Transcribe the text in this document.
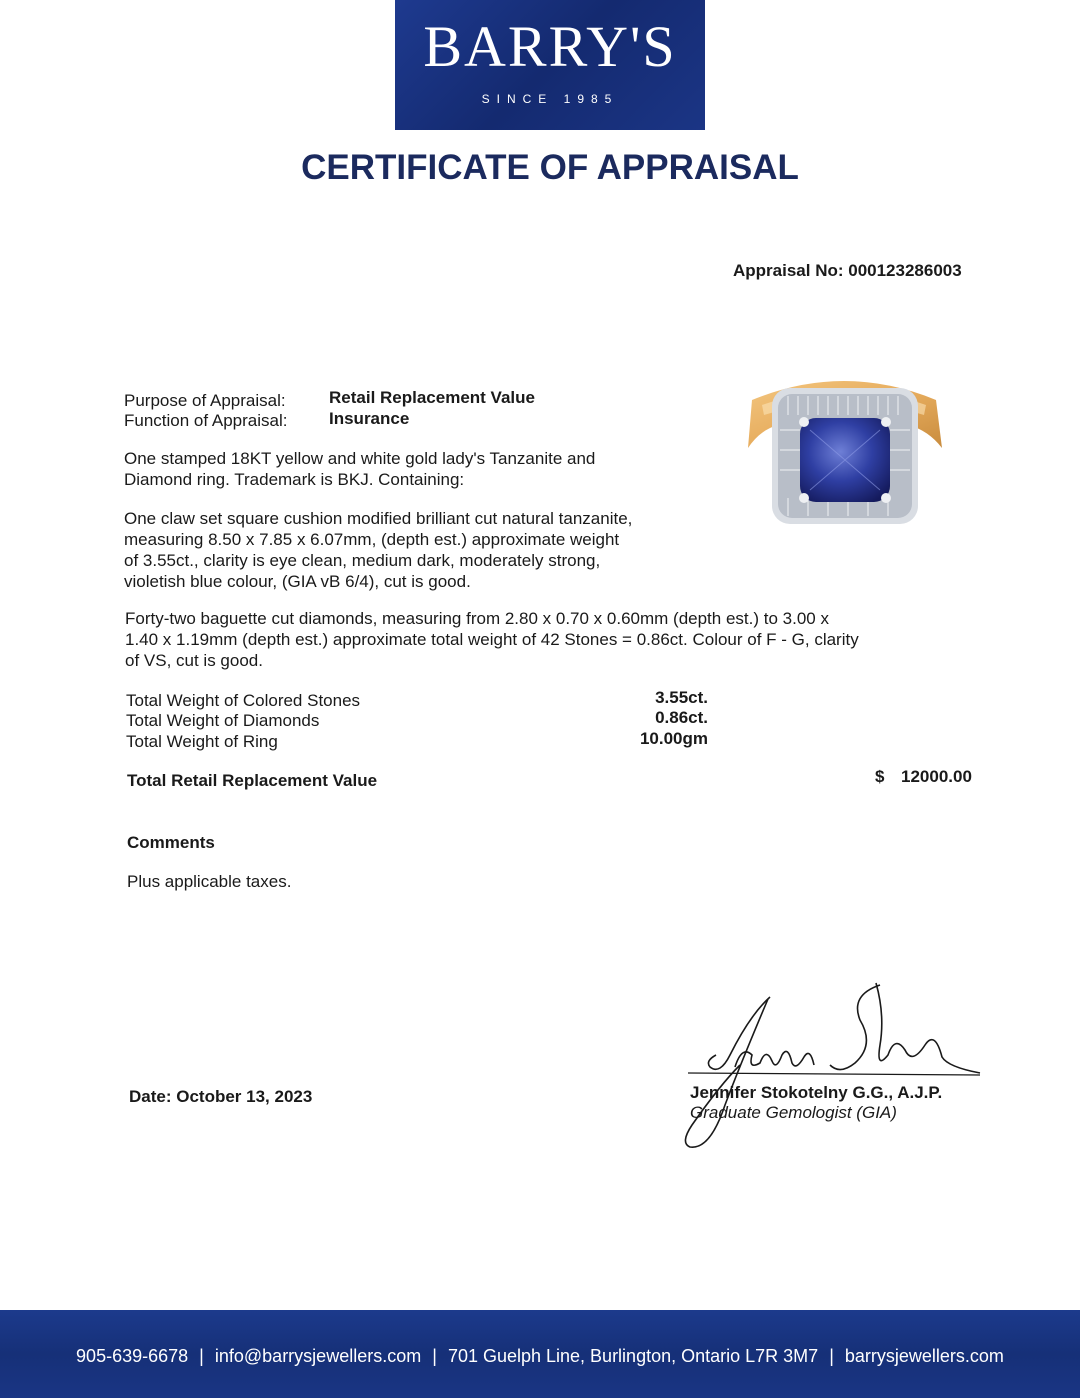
BARRY'S
SINCE 1985
CERTIFICATE OF APPRAISAL
Appraisal No: 000123286003
Purpose of Appraisal:	Retail Replacement Value
Function of Appraisal: Insurance
One stamped 18KT yellow and white gold lady's Tanzanite and
Diamond ring. Trademark is BKJ. Containing:
One claw set square cushion modified brilliant cut natural tanzanite,
measuring 8.50 x 7.85 x 6.07mm, (depth est.) approximate weight
of 3.55ct., clarity is eye clean, medium dark, moderately strong,
violetish blue colour, (GIA vB 6/4), cut is good.
Forty-two baguette cut diamonds, measuring from 2.80 x 0.70 x 0.60mm (depth est.) to 3.00 x
1.40 x 1.19mm (depth est.) approximate total weight of 42 Stones = 0.86ct. Colour of F - G, clarity
of VS, cut is good.
Total Weight of Colored Stones	3.55ct.
Total Weight of Diamonds	0.86ct.
Total Weight of Ring	10.00gm
Total Retail Replacement Value	$ 12000.00
Comments
Plus applicable taxes.
Date: October 13, 2023	Jennifer Stokotelny G.G., A.J.P.
Graduate Gemologist (GIA)
905-639-6678 | info@barrysjewellers.com | 701 Guelph Line, Burlington, Ontario L7R 3M7 | barrysjewellers.com
